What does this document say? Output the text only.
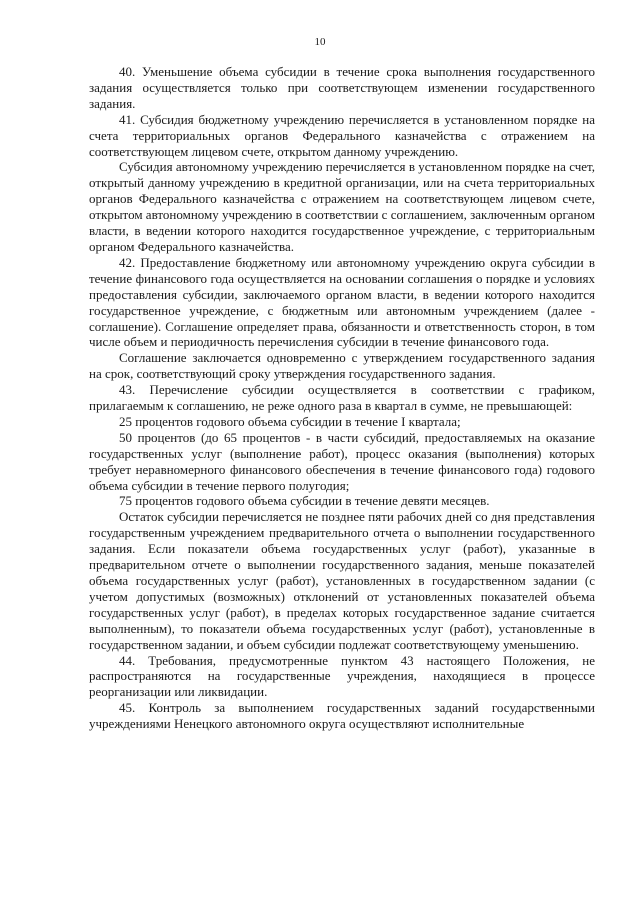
10

40. Уменьшение объема субсидии в течение срока выполнения государственного задания осуществляется только при соответствующем изменении государственного задания.

41. Субсидия бюджетному учреждению перечисляется в установленном порядке на счета территориальных органов Федерального казначейства с отражением на соответствующем лицевом счете, открытом данному учреждению.

Субсидия автономному учреждению перечисляется в установленном порядке на счет, открытый данному учреждению в кредитной организации, или на счета территориальных органов Федерального казначейства с отражением на соответствующем лицевом счете, открытом автономному учреждению в соответствии с соглашением, заключенным органом власти, в ведении которого находится государственное учреждение, с территориальным органом Федерального казначейства.

42. Предоставление бюджетному или автономному учреждению округа субсидии в течение финансового года осуществляется на основании соглашения о порядке и условиях предоставления субсидии, заключаемого органом власти, в ведении которого находится государственное учреждение, с бюджетным или автономным учреждением (далее - соглашение). Соглашение определяет права, обязанности и ответственность сторон, в том числе объем и периодичность перечисления субсидии в течение финансового года.

Соглашение заключается одновременно с утверждением государственного задания на срок, соответствующий сроку утверждения государственного задания.

43. Перечисление субсидии осуществляется в соответствии с графиком, прилагаемым к соглашению, не реже одного раза в квартал в сумме, не превышающей:

25 процентов годового объема субсидии в течение I квартала;

50 процентов (до 65 процентов - в части субсидий, предоставляемых на оказание государственных услуг (выполнение работ), процесс оказания (выполнения) которых требует неравномерного финансового обеспечения в течение финансового года) годового объема субсидии в течение первого полугодия;

75 процентов годового объема субсидии в течение девяти месяцев.

Остаток субсидии перечисляется не позднее пяти рабочих дней со дня представления государственным учреждением предварительного отчета о выполнении государственного задания. Если показатели объема государственных услуг (работ), указанные в предварительном отчете о выполнении государственного задания, меньше показателей объема государственных услуг (работ), установленных в государственном задании (с учетом допустимых (возможных) отклонений от установленных показателей объема государственных услуг (работ), в пределах которых государственное задание считается выполненным), то показатели объема государственных услуг (работ), установленные в государственном задании, и объем субсидии подлежат соответствующему уменьшению.

44. Требования, предусмотренные пунктом 43 настоящего Положения, не распространяются на государственные учреждения, находящиеся в процессе реорганизации или ликвидации.

45. Контроль за выполнением государственных заданий государственными учреждениями Ненецкого автономного округа осуществляют исполнительные
